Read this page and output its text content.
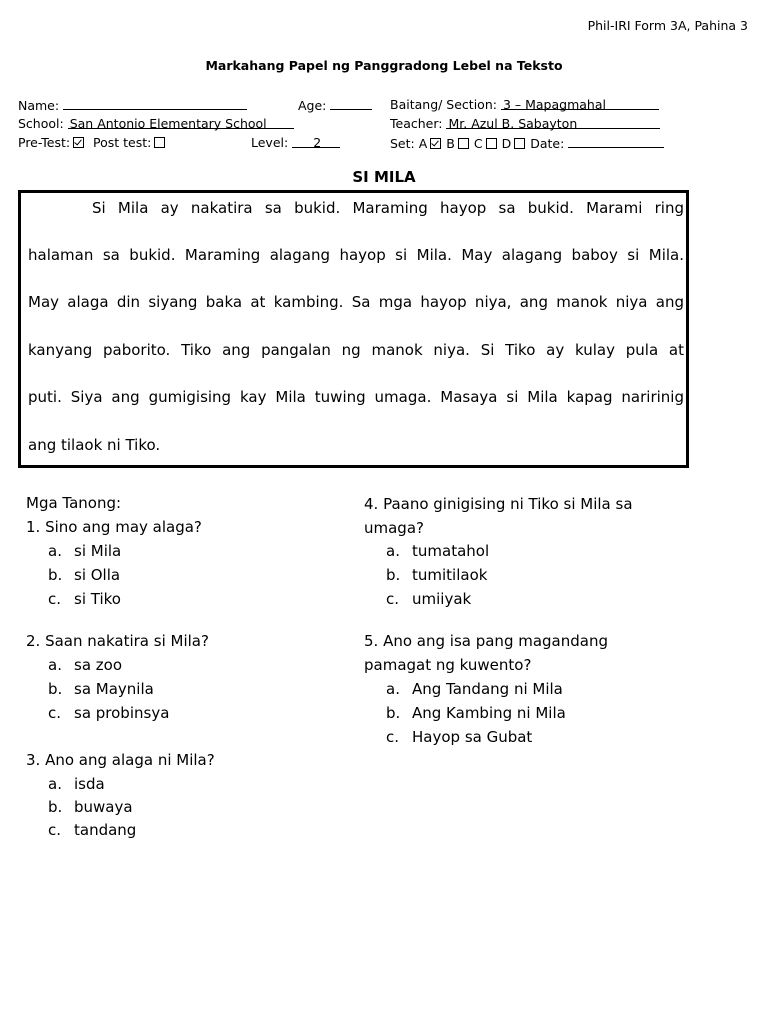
Phil-IRI Form 3A, Pahina 3
Markahang Papel ng Panggradong Lebel na Teksto
Name:	Age:	Baitang/ Section: 3 – Mapagmahal
School: San Antonio Elementary School	Teacher: Mr. Azul B. Sabayton
Pre-Test: Post test:	Level: 2	Set: A B C D Date:
SI MILA
Si Mila ay nakatira sa bukid. Maraming hayop sa bukid. Marami ring
halaman sa bukid. Maraming alagang hayop si Mila. May alagang baboy si Mila.
May alaga din siyang baka at kambing. Sa mga hayop niya, ang manok niya ang
kanyang paborito. Tiko ang pangalan ng manok niya. Si Tiko ay kulay pula at
puti. Siya ang gumigising kay Mila tuwing umaga. Masaya si Mila kapag naririnig
ang tilaok ni Tiko.
Mga Tanong:
1. Sino ang may alaga?
a. si Mila
b. si Olla
c. si Tiko
2. Saan nakatira si Mila?
a. sa zoo
b. sa Maynila
c. sa probinsya
3. Ano ang alaga ni Mila?
a. isda
b. buwaya
c. tandang
4. Paano ginigising ni Tiko si Mila sa
umaga?
a. tumatahol
b. tumitilaok
c. umiiyak
5. Ano ang isa pang magandang
pamagat ng kuwento?
a. Ang Tandang ni Mila
b. Ang Kambing ni Mila
c. Hayop sa Gubat
